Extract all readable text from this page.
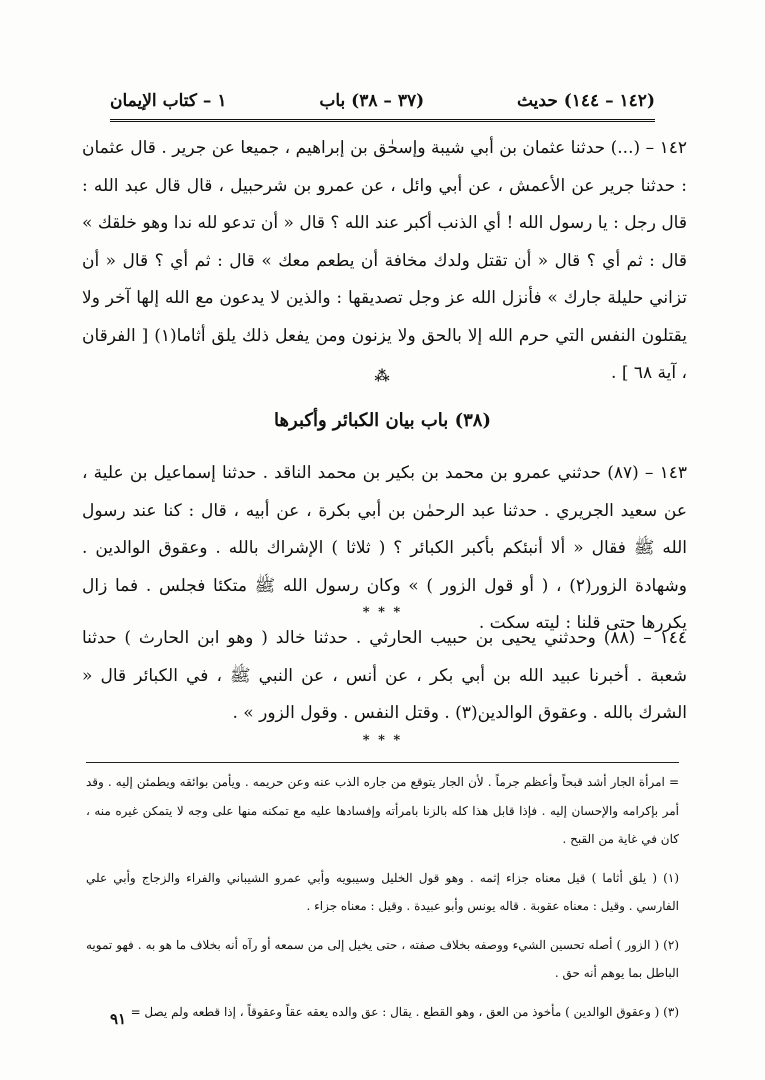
١ – كتاب الإيمان	(٣٧ – ٣٨) باب	(١٤٢ – ١٤٤) حديث
١٤٢ – (...) حدثنا عثمان بن أبي شيبة وإسحٰق بن إبراهيم ، جميعا عن جرير . قال عثمان : حدثنا جرير عن الأعمش ، عن أبي وائل ، عن عمرو بن شرحبيل ، قال قال عبد الله : قال رجل : يا رسول الله ! أي الذنب أكبر عند الله ؟ قال « أن تدعو لله ندا وهو خلقك » قال : ثم أي ؟ قال « أن تقتل ولدك مخافة أن يطعم معك » قال : ثم أي ؟ قال « أن تزاني حليلة جارك » فأنزل الله عز وجل تصديقها : والذين لا يدعون مع الله إلها آخر ولا يقتلون النفس التي حرم الله إلا بالحق ولا يزنون ومن يفعل ذلك يلق أثاما(١) [ الفرقان ، آية ٦٨ ] .
⁂
(٣٨) باب بيان الكبائر وأكبرها
١٤٣ – (٨٧) حدثني عمرو بن محمد بن بكير بن محمد الناقد . حدثنا إسماعيل بن علية ، عن سعيد الجريري . حدثنا عبد الرحمٰن بن أبي بكرة ، عن أبيه ، قال : كنا عند رسول الله ﷺ فقال « ألا أنبئكم بأكبر الكبائر ؟ ( ثلاثا ) الإشراك بالله . وعقوق الوالدين . وشهادة الزور(٢) ، ( أو قول الزور ) » وكان رسول الله ﷺ متكئا فجلس . فما زال يكررها حتى قلنا : ليته سكت .
* * *
١٤٤ – (٨٨) وحدثني يحيى بن حبيب الحارثي . حدثنا خالد ( وهو ابن الحارث ) حدثنا شعبة . أخبرنا عبيد الله بن أبي بكر ، عن أنس ، عن النبي ﷺ ، في الكبائر قال « الشرك بالله . وعقوق الوالدين(٣) . وقتل النفس . وقول الزور » .
* * *

= امرأة الجار أشد قبحاً وأعظم جرماً . لأن الجار يتوقع من جاره الذب عنه وعن حريمه . ويأمن بوائقه ويطمئن إليه . وقد أمر بإكرامه والإحسان إليه . فإذا قابل هذا كله بالزنا بامرأته وإفسادها عليه مع تمكنه منها على وجه لا يتمكن غيره منه ، كان في غاية من القبح .

(١) ( يلق أثاما ) قيل معناه جزاء إثمه . وهو قول الخليل وسيبويه وأبي عمرو الشيباني والفراء والزجاج وأبي علي الفارسي . وقيل : معناه عقوبة . قاله يونس وأبو عبيدة . وقيل : معناه جزاء .

(٢) ( الزور ) أصله تحسين الشيء ووصفه بخلاف صفته ، حتى يخيل إلى من سمعه أو رآه أنه بخلاف ما هو به . فهو تمويه الباطل بما يوهم أنه حق .

(٣) ( وعقوق الوالدين ) مأخوذ من العق ، وهو القطع . يقال : عق والده يعقه عقاً وعقوقاً ، إذا قطعه ولم يصل =

٩١
